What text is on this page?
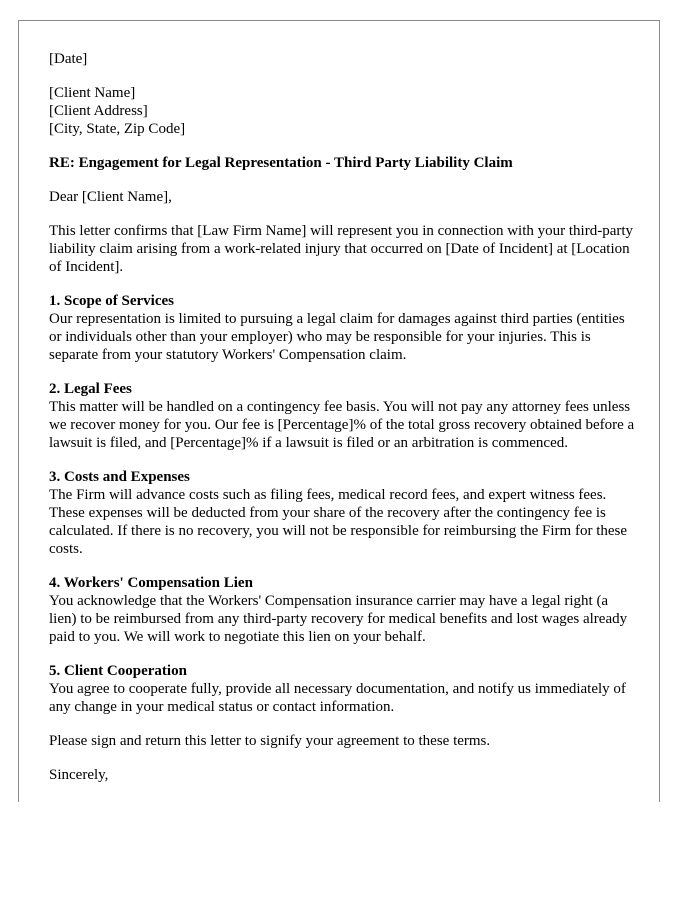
[Date]

[Client Name]
[Client Address]
[City, State, Zip Code]

RE: Engagement for Legal Representation - Third Party Liability Claim

Dear [Client Name],

This letter confirms that [Law Firm Name] will represent you in connection with your third-party liability claim arising from a work-related injury that occurred on [Date of Incident] at [Location of Incident].

1. Scope of Services

Our representation is limited to pursuing a legal claim for damages against third parties (entities or individuals other than your employer) who may be responsible for your injuries. This is separate from your statutory Workers' Compensation claim.

2. Legal Fees

This matter will be handled on a contingency fee basis. You will not pay any attorney fees unless we recover money for you. Our fee is [Percentage]% of the total gross recovery obtained before a lawsuit is filed, and [Percentage]% if a lawsuit is filed or an arbitration is commenced.

3. Costs and Expenses

The Firm will advance costs such as filing fees, medical record fees, and expert witness fees. These expenses will be deducted from your share of the recovery after the contingency fee is calculated. If there is no recovery, you will not be responsible for reimbursing the Firm for these costs.

4. Workers' Compensation Lien

You acknowledge that the Workers' Compensation insurance carrier may have a legal right (a lien) to be reimbursed from any third-party recovery for medical benefits and lost wages already paid to you. We will work to negotiate this lien on your behalf.

5. Client Cooperation

You agree to cooperate fully, provide all necessary documentation, and notify us immediately of any change in your medical status or contact information.

Please sign and return this letter to signify your agreement to these terms.

Sincerely,
